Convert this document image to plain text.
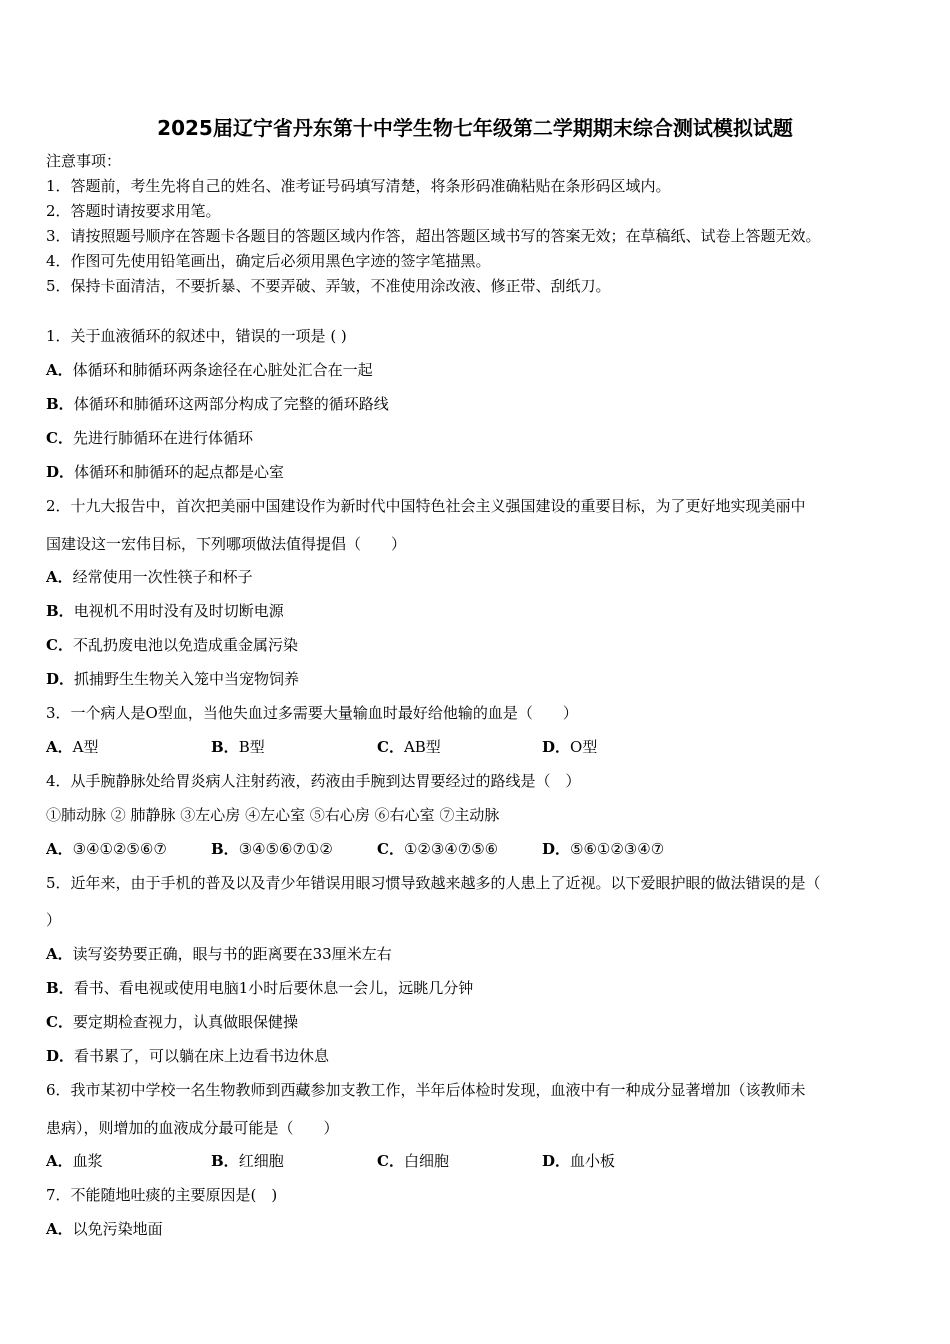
2025届辽宁省丹东第十中学生物七年级第二学期期末综合测试模拟试题
注意事项：
1．答题前，考生先将自己的姓名、准考证号码填写清楚，将条形码准确粘贴在条形码区域内。
2．答题时请按要求用笔。
3．请按照题号顺序在答题卡各题目的答题区域内作答，超出答题区域书写的答案无效；在草稿纸、试卷上答题无效。
4．作图可先使用铅笔画出，确定后必须用黑色字迹的签字笔描黑。
5．保持卡面清洁，不要折暴、不要弄破、弄皱，不准使用涂改液、修正带、刮纸刀。
1．关于血液循环的叙述中，错误的一项是 ( )
A．体循环和肺循环两条途径在心脏处汇合在一起
B．体循环和肺循环这两部分构成了完整的循环路线
C．先进行肺循环在进行体循环
D．体循环和肺循环的起点都是心室
2．十九大报告中，首次把美丽中国建设作为新时代中国特色社会主义强国建设的重要目标，为了更好地实现美丽中
国建设这一宏伟目标，下列哪项做法值得提倡（　　）
A．经常使用一次性筷子和杯子
B．电视机不用时没有及时切断电源
C．不乱扔废电池以免造成重金属污染
D．抓捕野生生物关入笼中当宠物饲养
3．一个病人是O型血，当他失血过多需要大量输血时最好给他输的血是（　　）
A．A型	B．B型	C．AB型	D．O型
4．从手腕静脉处给胃炎病人注射药液，药液由手腕到达胃要经过的路线是（　）
①肺动脉 ② 肺静脉 ③左心房 ④左心室 ⑤右心房 ⑥右心室 ⑦主动脉
A．③④①②⑤⑥⑦	B．③④⑤⑥⑦①②	C．①②③④⑦⑤⑥	D．⑤⑥①②③④⑦
5．近年来，由于手机的普及以及青少年错误用眼习惯导致越来越多的人患上了近视。以下爱眼护眼的做法错误的是（
）
A．读写姿势要正确，眼与书的距离要在33厘米左右
B．看书、看电视或使用电脑1小时后要休息一会儿，远眺几分钟
C．要定期检查视力，认真做眼保健操
D．看书累了，可以躺在床上边看书边休息
6．我市某初中学校一名生物教师到西藏参加支教工作，半年后体检时发现，血液中有一种成分显著增加（该教师未
患病），则增加的血液成分最可能是（　　）
A．血浆	B．红细胞	C．白细胞	D．血小板
7．不能随地吐痰的主要原因是(　)
A．以免污染地面
